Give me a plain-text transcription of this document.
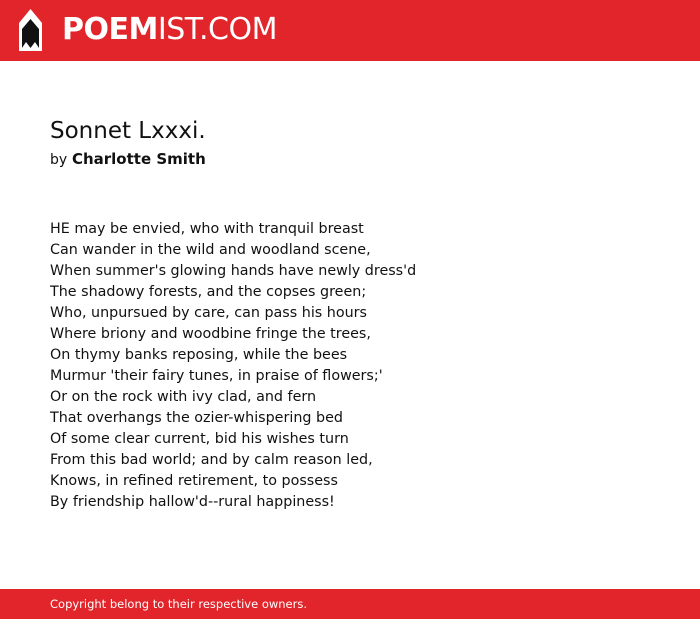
POEMIST.COM
Sonnet Lxxxi.
by Charlotte Smith
HE may be envied, who with tranquil breast
Can wander in the wild and woodland scene,
When summer's glowing hands have newly dress'd
The shadowy forests, and the copses green;
Who, unpursued by care, can pass his hours
Where briony and woodbine fringe the trees,
On thymy banks reposing, while the bees
Murmur 'their fairy tunes, in praise of flowers;'
Or on the rock with ivy clad, and fern
That overhangs the ozier-whispering bed
Of some clear current, bid his wishes turn
From this bad world; and by calm reason led,
Knows, in refined retirement, to possess
By friendship hallow'd--rural happiness!
Copyright belong to their respective owners.
